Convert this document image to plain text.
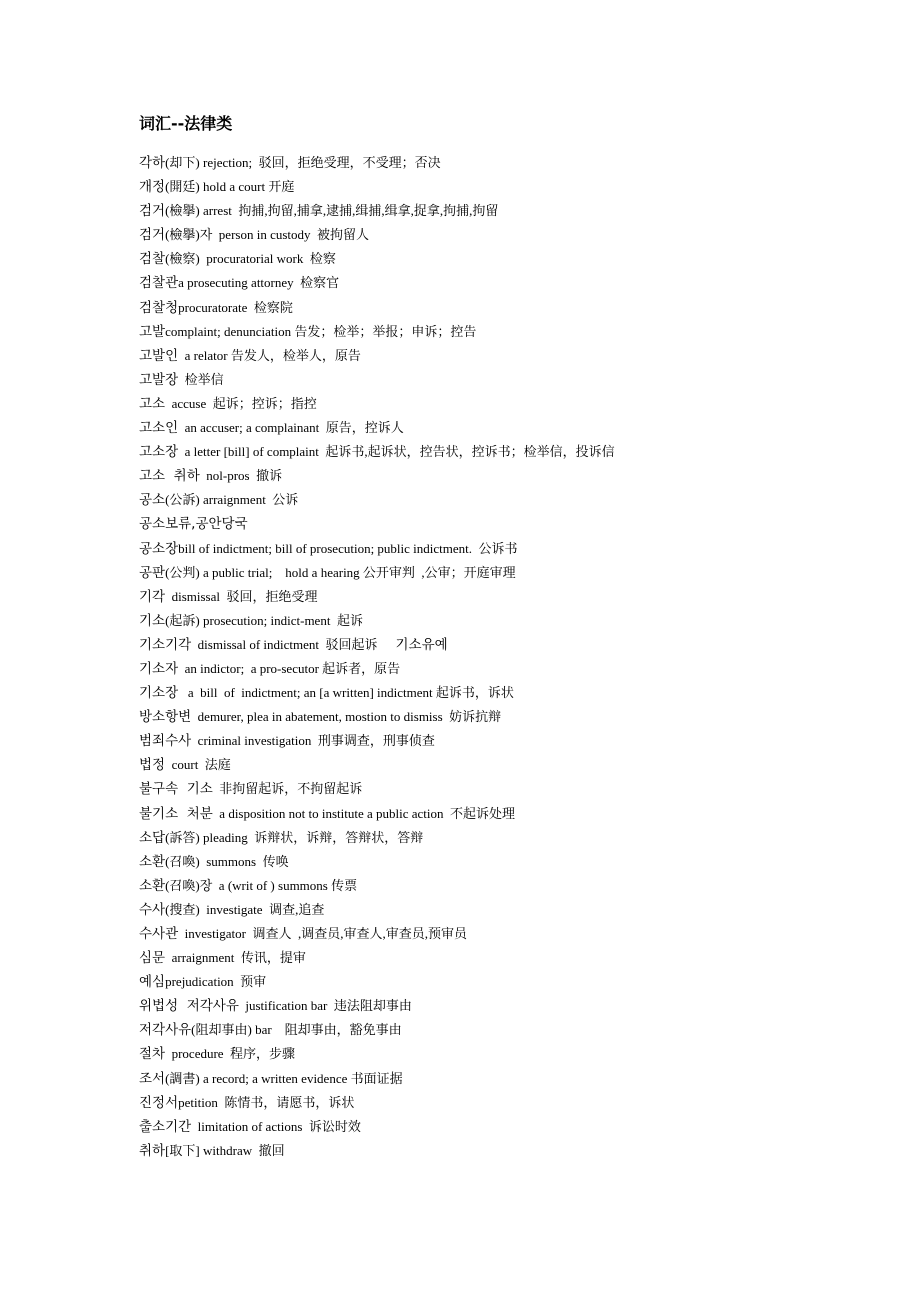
词汇--法律类
각하(却下) rejection;  驳回，拒绝受理，不受理；否决
개정(開廷) hold a court 开庭
검거(檢擧) arrest  拘捕,拘留,捕拿,逮捕,缉捕,缉拿,捉拿,拘捕,拘留
검거(檢擧)자  person in custody  被拘留人
검찰(檢察)  procuratorial work  检察
검찰관a prosecuting attorney  检察官
검찰청procuratorate  检察院
고발complaint; denunciation 告发；检举；举报；申诉；控告
고발인  a relator 告发人，检举人，原告
고발장  检举信
고소  accuse  起诉；控诉；指控
고소인  an accuser; a complainant  原告，控诉人
고소장  a letter [bill] of complaint  起诉书,起诉状，控告状，控诉书；检举信，投诉信
고소  취하  nol-pros  撤诉
공소(公訴) arraignment  公诉
공소보류,공안당국
공소장bill of indictment; bill of prosecution; public indictment.  公诉书
공판(公判) a public trial;    hold a hearing 公开审判  ,公审；开庭审理
기각  dismissal  驳回，拒绝受理
기소(起訴) prosecution; indict-ment  起诉
기소기각  dismissal of indictment  驳回起诉 기소유예
기소자  an indictor;  a pro-secutor 起诉者，原告
기소장   a  bill  of  indictment; an [a written] indictment 起诉书，诉状
방소항변  demurer, plea in abatement, mostion to dismiss  妨诉抗辩
범죄수사  criminal investigation  刑事调查，刑事侦查
법정  court  法庭
불구속  기소  非拘留起诉，不拘留起诉
불기소  처분  a disposition not to institute a public action  不起诉处理
소답(訴答) pleading  诉辩状，诉辩，答辩状，答辩
소환(召喚)  summons  传唤
소환(召喚)장  a (writ of ) summons 传票
수사(搜查)  investigate  调查,追查
수사관  investigator  调查人  ,调查员,审查人,审查员,预审员
심문  arraignment  传讯，提审
예심prejudication  预审
위법성  저각사유  justification bar  违法阻却事由
저각사유(阻却事由) bar    阻却事由，豁免事由
절차  procedure  程序，步骤
조서(調書) a record; a written evidence 书面证据
진정서petition  陈情书，请愿书，诉状
출소기간  limitation of actions  诉讼时效
취하[取下] withdraw  撤回
